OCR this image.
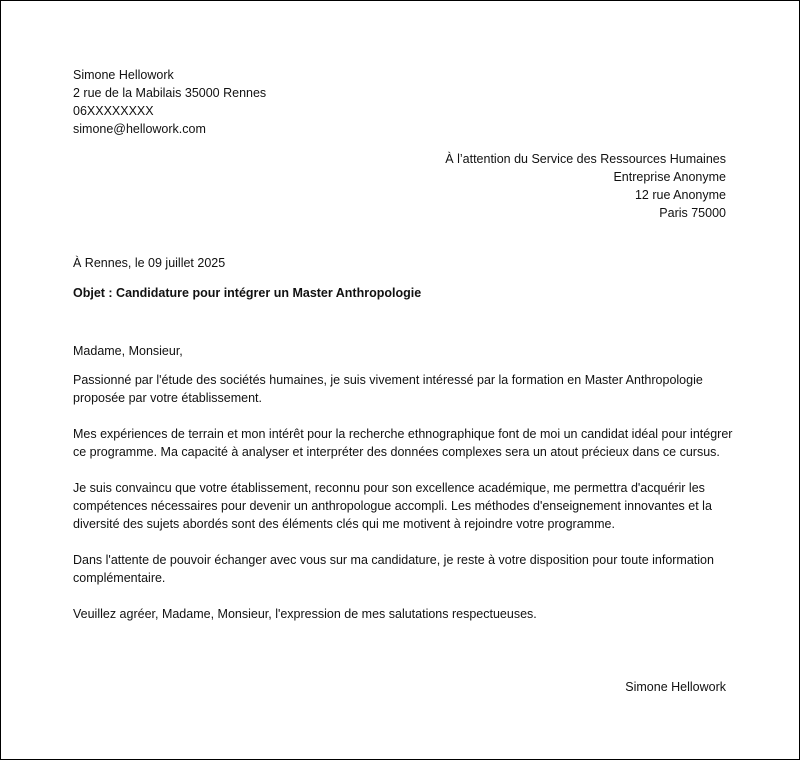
Simone Hellowork
2 rue de la Mabilais 35000 Rennes
06XXXXXXXX
simone@hellowork.com
À l’attention du Service des Ressources Humaines
Entreprise Anonyme
12 rue Anonyme
Paris 75000
À Rennes, le 09 juillet 2025
Objet : Candidature pour intégrer un Master Anthropologie

Madame, Monsieur,

Passionné par l'étude des sociétés humaines, je suis vivement intéressé par la formation en Master Anthropologie proposée par votre établissement.

Mes expériences de terrain et mon intérêt pour la recherche ethnographique font de moi un candidat idéal pour intégrer ce programme. Ma capacité à analyser et interpréter des données complexes sera un atout précieux dans ce cursus.

Je suis convaincu que votre établissement, reconnu pour son excellence académique, me permettra d'acquérir les compétences nécessaires pour devenir un anthropologue accompli. Les méthodes d'enseignement innovantes et la diversité des sujets abordés sont des éléments clés qui me motivent à rejoindre votre programme.

Dans l'attente de pouvoir échanger avec vous sur ma candidature, je reste à votre disposition pour toute information complémentaire.

Veuillez agréer, Madame, Monsieur, l'expression de mes salutations respectueuses.

Simone Hellowork
